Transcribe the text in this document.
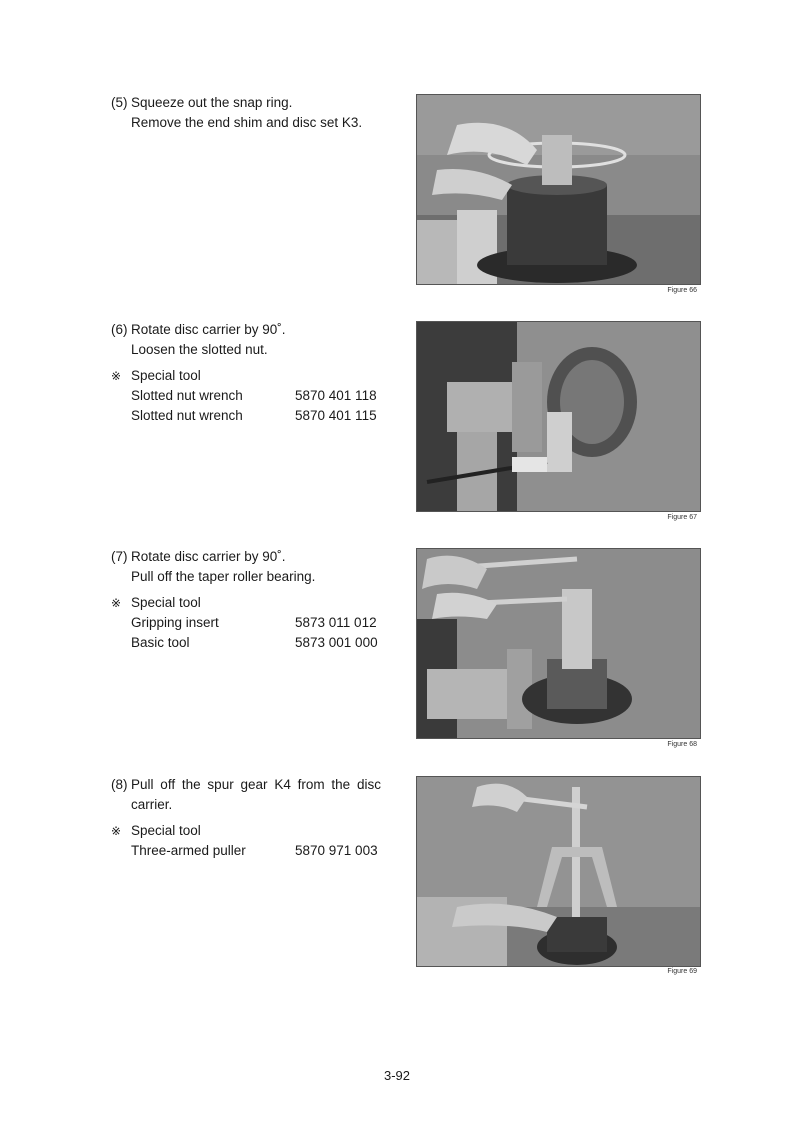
(5) Squeeze out the snap ring.
Remove the end shim and disc set K3.
Figure 66
(6) Rotate disc carrier by 90˚.
Loosen the slotted nut.
※ Special tool
Slotted nut wrench	5870 401 118
Slotted nut wrench	5870 401 115
Figure 67
(7) Rotate disc carrier by 90˚.
Pull off the taper roller bearing.
※ Special tool
Gripping insert	5873 011 012
Basic tool	5873 001 000
Figure 68
(8) Pull off the spur gear K4 from the disc
carrier.
※ Special tool
Three-armed puller	5870 971 003
Figure 69
3-92
